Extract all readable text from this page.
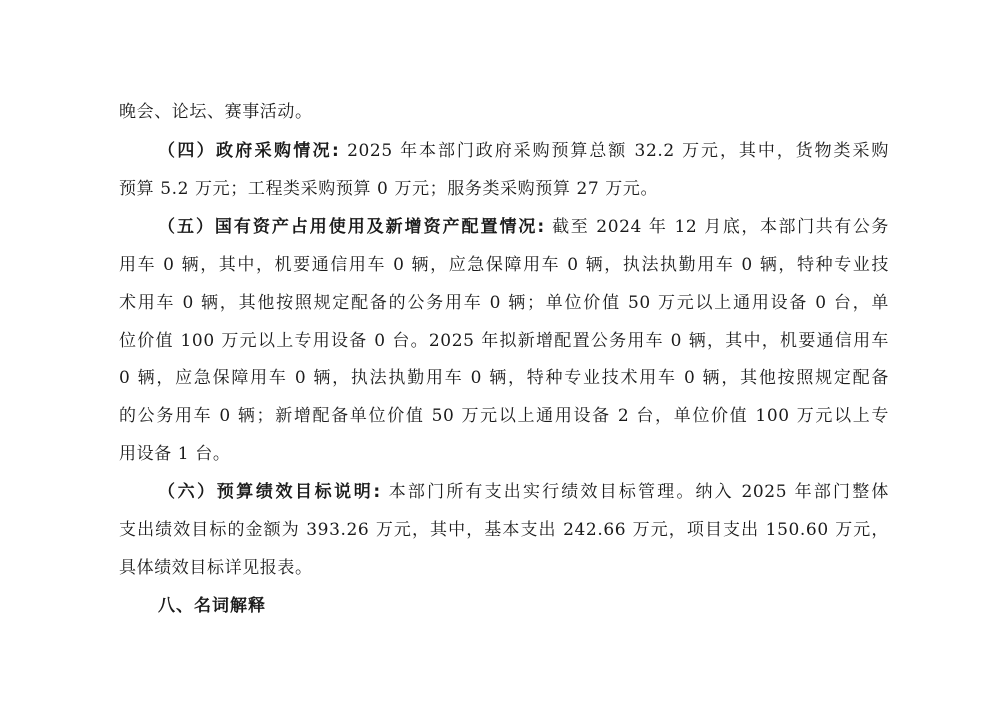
晚会、论坛、赛事活动。
（四）政府采购情况: 2025 年本部门政府采购预算总额 32.2 万元，其中，货物类采购
预算 5.2 万元；工程类采购预算 0 万元；服务类采购预算 27 万元。
（五）国有资产占用使用及新增资产配置情况: 截至 2024 年 12 月底，本部门共有公务
用车 0 辆，其中，机要通信用车 0 辆，应急保障用车 0 辆，执法执勤用车 0 辆，特种专业技
术用车 0 辆，其他按照规定配备的公务用车 0 辆；单位价值 50 万元以上通用设备 0 台，单
位价值 100 万元以上专用设备 0 台。2025 年拟新增配置公务用车 0 辆，其中，机要通信用车
0 辆，应急保障用车 0 辆，执法执勤用车 0 辆，特种专业技术用车 0 辆，其他按照规定配备
的公务用车 0 辆；新增配备单位价值 50 万元以上通用设备 2 台，单位价值 100 万元以上专
用设备 1 台。
（六）预算绩效目标说明: 本部门所有支出实行绩效目标管理。纳入 2025 年部门整体
支出绩效目标的金额为 393.26 万元，其中，基本支出 242.66 万元，项目支出 150.60 万元，
具体绩效目标详见报表。
八、名词解释
